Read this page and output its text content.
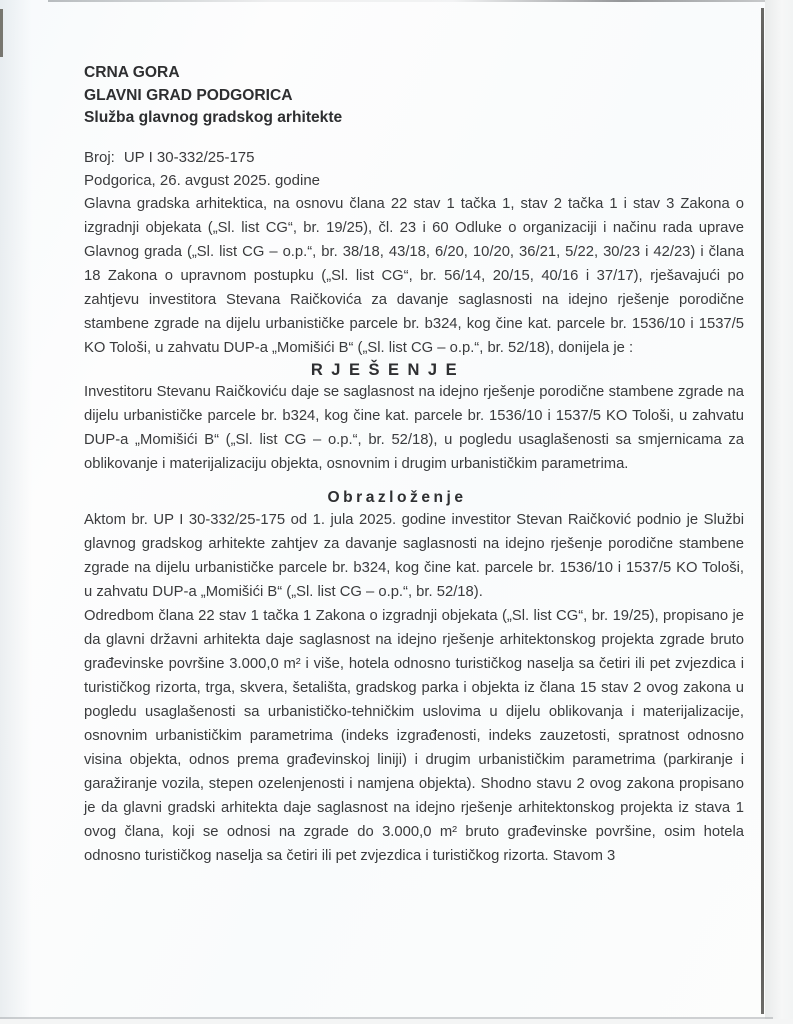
CRNA GORA
GLAVNI GRAD PODGORICA
Služba glavnog gradskog arhitekte
Broj: UP I 30-332/25-175
Podgorica, 26. avgust 2025. godine

Glavna gradska arhitektica, na osnovu člana 22 stav 1 tačka 1, stav 2 tačka 1 i stav 3 Zakona o izgradnji objekata („Sl. list CG“, br. 19/25), čl. 23 i 60 Odluke o organizaciji i načinu rada uprave Glavnog grada („Sl. list CG – o.p.“, br. 38/18, 43/18, 6/20, 10/20, 36/21, 5/22, 30/23 i 42/23) i člana 18 Zakona o upravnom postupku („Sl. list CG“, br. 56/14, 20/15, 40/16 i 37/17), rješavajući po zahtjevu investitora Stevana Raičkovića za davanje saglasnosti na idejno rješenje porodične stambene zgrade na dijelu urbanističke parcele br. b324, kog čine kat. parcele br. 1536/10 i 1537/5 KO Tološi, u zahvatu DUP-a „Momišići B“ („Sl. list CG – o.p.“, br. 52/18), donijela je :

RJEŠENJE

Investitoru Stevanu Raičkoviću daje se saglasnost na idejno rješenje porodične stambene zgrade na dijelu urbanističke parcele br. b324, kog čine kat. parcele br. 1536/10 i 1537/5 KO Tološi, u zahvatu DUP-a „Momišići B“ („Sl. list CG – o.p.“, br. 52/18), u pogledu usaglašenosti sa smjernicama za oblikovanje i materijalizaciju objekta, osnovnim i drugim urbanističkim parametrima.

Obrazloženje

Aktom br. UP I 30-332/25-175 od 1. jula 2025. godine investitor Stevan Raičković podnio je Službi glavnog gradskog arhitekte zahtjev za davanje saglasnosti na idejno rješenje porodične stambene zgrade na dijelu urbanističke parcele br. b324, kog čine kat. parcele br. 1536/10 i 1537/5 KO Tološi, u zahvatu DUP-a „Momišići B“ („Sl. list CG – o.p.“, br. 52/18).

Odredbom člana 22 stav 1 tačka 1 Zakona o izgradnji objekata („Sl. list CG“, br. 19/25), propisano je da glavni državni arhitekta daje saglasnost na idejno rješenje arhitektonskog projekta zgrade bruto građevinske površine 3.000,0 m² i više, hotela odnosno turističkog naselja sa četiri ili pet zvjezdica i turističkog rizorta, trga, skvera, šetališta, gradskog parka i objekta iz člana 15 stav 2 ovog zakona u pogledu usaglašenosti sa urbanističko-tehničkim uslovima u dijelu oblikovanja i materijalizacije, osnovnim urbanističkim parametrima (indeks izgrađenosti, indeks zauzetosti, spratnost odnosno visina objekta, odnos prema građevinskoj liniji) i drugim urbanističkim parametrima (parkiranje i garažiranje vozila, stepen ozelenjenosti i namjena objekta). Shodno stavu 2 ovog zakona propisano je da glavni gradski arhitekta daje saglasnost na idejno rješenje arhitektonskog projekta iz stava 1 ovog člana, koji se odnosi na zgrade do 3.000,0 m² bruto građevinske površine, osim hotela odnosno turističkog naselja sa četiri ili pet zvjezdica i turističkog rizorta. Stavom 3
